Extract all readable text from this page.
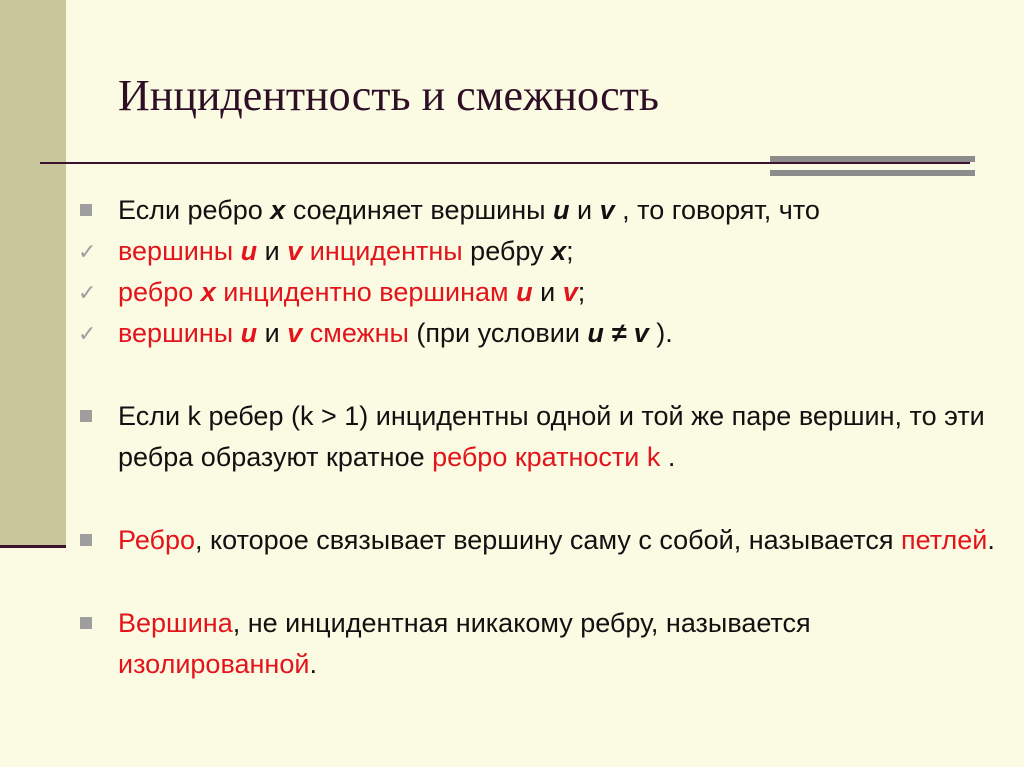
Инцидентность и смежность
Если ребро x соединяет вершины u и v , то говорят, что
✓ вершины u и v инцидентны ребру x;
✓ ребро x инцидентно вершинам u и v;
✓ вершины u и v смежны (при условии u ≠ v ).
Если k ребер (k > 1) инцидентны одной и той же паре вершин, то эти ребра образуют кратное ребро кратности k .
Ребро, которое связывает вершину саму с собой, называется петлей.
Вершина, не инцидентная никакому ребру, называется изолированной.
